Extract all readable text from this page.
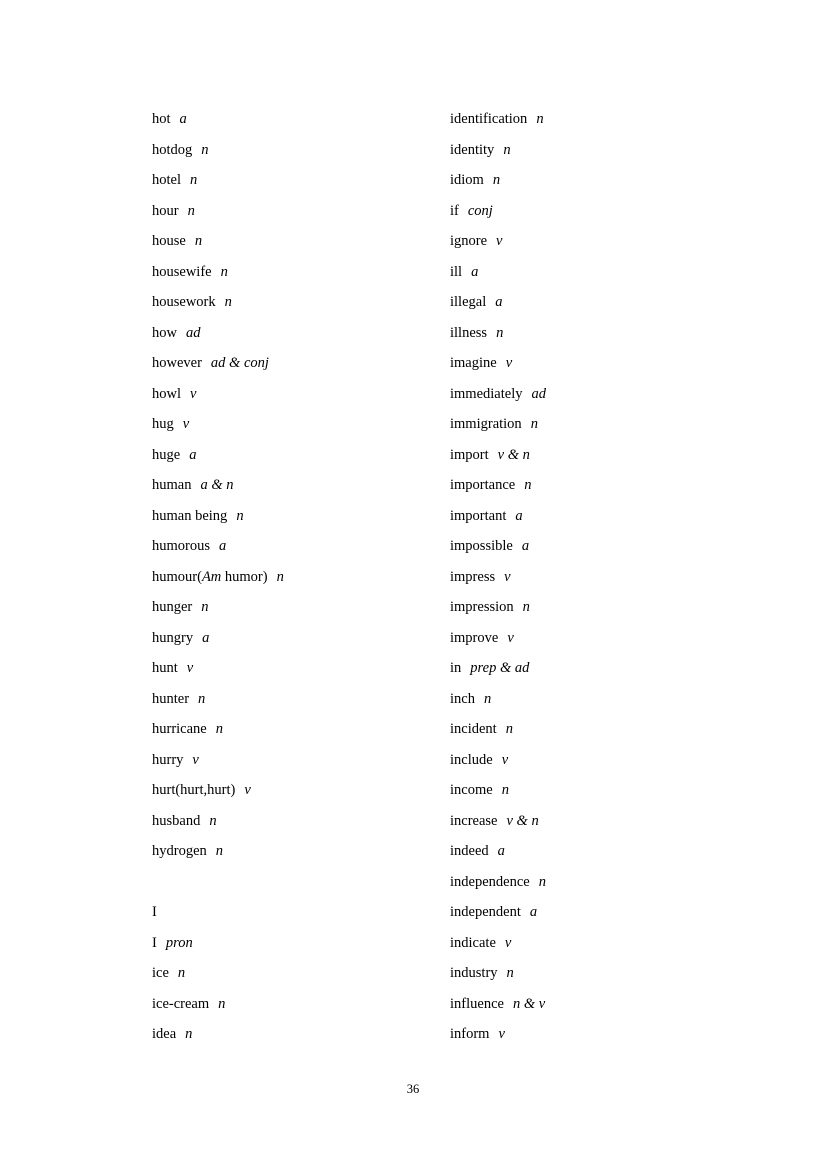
hot a
hotdog n
hotel n
hour n
house n
housewife n
housework n
how ad
however ad & conj
howl v
hug v
huge a
human a & n
human being n
humorous a
humour(Am humor) n
hunger n
hungry a
hunt v
hunter n
hurricane n
hurry v
hurt(hurt,hurt) v
husband n
hydrogen n
I
I pron
ice n
ice-cream n
idea n
identification n
identity n
idiom n
if conj
ignore v
ill a
illegal a
illness n
imagine v
immediately ad
immigration n
import v & n
importance n
important a
impossible a
impress v
impression n
improve v
in prep & ad
inch n
incident n
include v
income n
increase v & n
indeed a
independence n
independent a
indicate v
industry n
influence n & v
inform v
36
